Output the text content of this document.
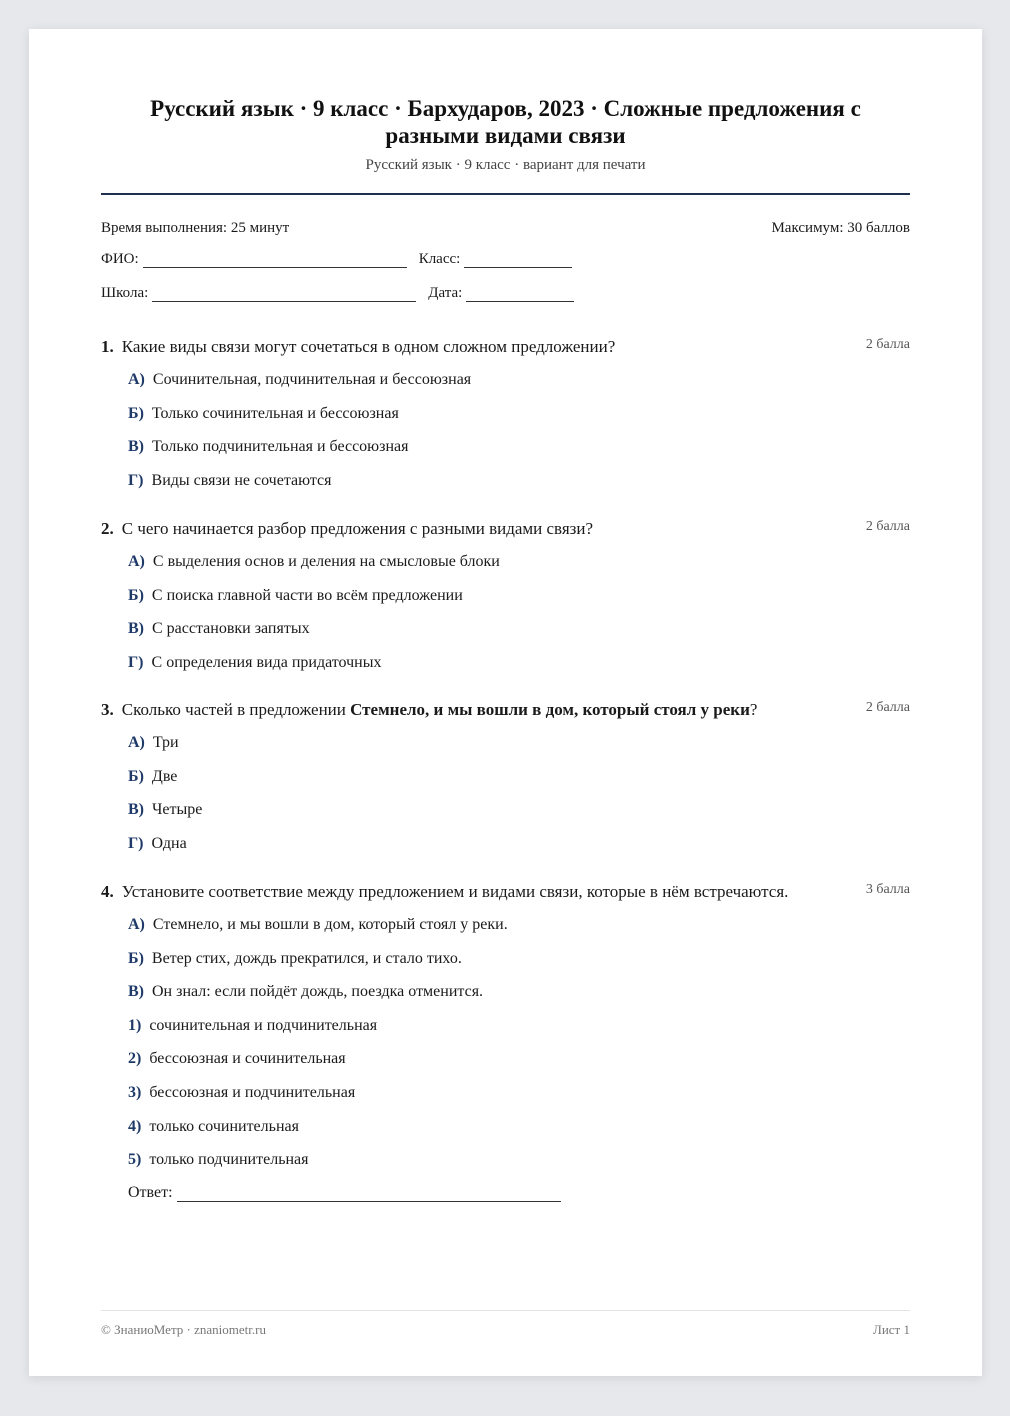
Русский язык · 9 класс · Бархударов, 2023 · Сложные предложения с разными видами связи
Русский язык · 9 класс · вариант для печати
Время выполнения: 25 минут	Максимум: 30 баллов
ФИО:	Класс:
Школа:	Дата:
1. Какие виды связи могут сочетаться в одном сложном предложении?	2 балла
А) Сочинительная, подчинительная и бессоюзная
Б) Только сочинительная и бессоюзная
В) Только подчинительная и бессоюзная
Г) Виды связи не сочетаются
2. С чего начинается разбор предложения с разными видами связи?	2 балла
А) С выделения основ и деления на смысловые блоки
Б) С поиска главной части во всём предложении
В) С расстановки запятых
Г) С определения вида придаточных
3. Сколько частей в предложении Стемнело, и мы вошли в дом, который стоял у реки?	2 балла
А) Три
Б) Две
В) Четыре
Г) Одна
4. Установите соответствие между предложением и видами связи, которые в нём встречаются.	3 балла
А) Стемнело, и мы вошли в дом, который стоял у реки.
Б) Ветер стих, дождь прекратился, и стало тихо.
В) Он знал: если пойдёт дождь, поездка отменится.
1) сочинительная и подчинительная
2) бессоюзная и сочинительная
3) бессоюзная и подчинительная
4) только сочинительная
5) только подчинительная
Ответ:
© ЗнаниоМетр · znaniometr.ru	Лист 1
